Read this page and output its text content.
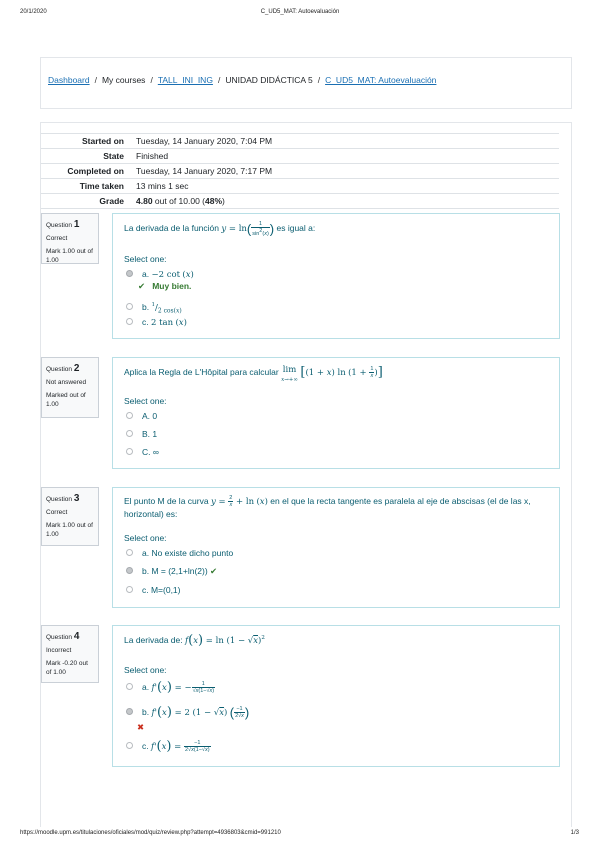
20/1/2020	C_UD5_MAT: Autoevaluación
https://moodle.upm.es/titulaciones/oficiales/mod/quiz/review.php?attempt=4936803&cmid=991210	1/3
Dashboard / My courses / TALL_INI_ING / UNIDAD DIDÁCTICA 5 / C_UD5_MAT: Autoevaluación
Started on	Tuesday, 14 January 2020, 7:04 PM
State	Finished
Completed on	Tuesday, 14 January 2020, 7:17 PM
Time taken	13 mins 1 sec
Grade	4.80 out of 10.00 (48%)
Question 1
Correct
Mark 1.00 out of 1.00
La derivada de la función $y = \ln( \frac{1}{\sin^2(x)}$ ) es igual a:
Select one:
a. −2 cot (x)
✔ Muy bien.
b. $^1/_{2 cos(x)}$
c. 2 tan (x)
Question 2
Not answered
Marked out of 1.00
Aplica la Regla de L'Hôpital para calcular lim
x→+∞ [(1 + x) $\ln (1 + \frac{1}{x}$ )]
Select one:
A. 0
B. 1
C. ∞
Question 3
Correct
Mark 1.00 out of 1.00
El punto M de la curva $y = \frac{2}{x} + \ln (x)$ en el que la recta tangente es paralela al eje de abscisas (el de las x,
horizontal) es:
Select one:
a. No existe dicho punto
b. M = (2,1+ln(2)) ✔
c. M=(0,1)
Question 4
Incorrect
Mark -0.20 out of 1.00
La derivada de: $f(x) = \ln (1 - √x)^2$
Select one:
a. f'(x) = − $\frac{1}{√x(1-√x)}$
b. f'(x) = 2 (1 − √x) ( $\frac{-1}{2√x}$ )
✖
c. $f'(x) = \frac{-1}{2√x(1-√x)}$
